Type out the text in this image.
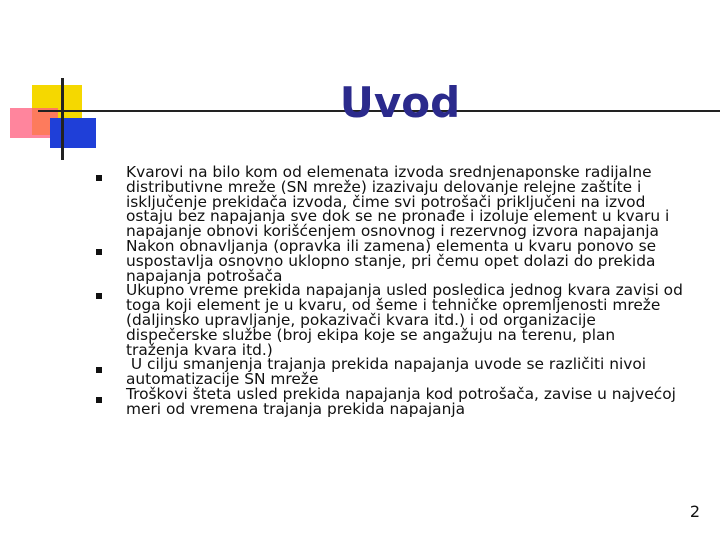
Uvod
Kvarovi na bilo kom od elemenata izvoda srednjenaponske radijalne
distributivne mreže (SN mreže) izazivaju delovanje relejne zaštite i
isključenje prekidača izvoda, čime svi potrošači priključeni na izvod
ostaju bez napajanja sve dok se ne pronađe i izoluje element u kvaru i
napajanje obnovi korišćenjem osnovnog i rezervnog izvora napajanja
Nakon obnavljanja (opravka ili zamena) elementa u kvaru ponovo se
uspostavlja osnovno uklopno stanje, pri čemu opet dolazi do prekida
napajanja potrošača
Ukupno vreme prekida napajanja usled posledica jednog kvara zavisi od
toga koji element je u kvaru, od šeme i tehničke opremljenosti mreže
(daljinsko upravljanje, pokazivači kvara itd.) i od organizacije
dispečerske službe (broj ekipa koje se angažuju na terenu, plan
traženja kvara itd.)
U cilju smanjenja trajanja prekida napajanja uvode se različiti nivoi
automatizacije SN mreže
Troškovi šteta usled prekida napajanja kod potrošača, zavise u najvećoj
meri od vremena trajanja prekida napajanja
2
